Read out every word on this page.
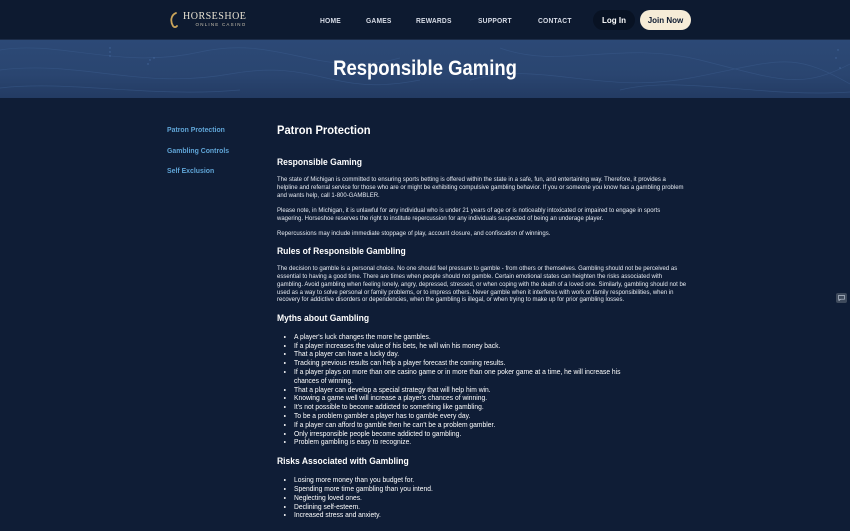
HORSESHOE
ONLINE CASINO
HOME	GAMES	REWARDS	SUPPORT	CONTACT	Log In	Join Now
Responsible Gaming
Patron Protection
Gambling Controls
Self Exclusion
Patron Protection
Responsible Gaming

The state of Michigan is committed to ensuring sports betting is offered within the state in a safe, fun, and entertaining way. Therefore, it provides a helpline and referral service for those who are or might be exhibiting compulsive gambling behavior. If you or someone you know has a gambling problem and wants help, call 1-800-GAMBLER.

Please note, in Michigan, it is unlawful for any individual who is under 21 years of age or is noticeably intoxicated or impaired to engage in sports wagering. Horseshoe reserves the right to institute repercussion for any individuals suspected of being an underage player.

Repercussions may include immediate stoppage of play, account closure, and confiscation of winnings.

Rules of Responsible Gambling

The decision to gamble is a personal choice. No one should feel pressure to gamble - from others or themselves. Gambling should not be perceived as essential to having a good time. There are times when people should not gamble. Certain emotional states can heighten the risks associated with gambling. Avoid gambling when feeling lonely, angry, depressed, stressed, or when coping with the death of a loved one. Similarly, gambling should not be used as a way to solve personal or family problems, or to impress others. Never gamble when it interferes with work or family responsibilities, when in recovery for addictive disorders or dependencies, when the gambling is illegal, or when trying to make up for prior gambling losses.

Myths about Gambling
• A player's luck changes the more he gambles.
• If a player increases the value of his bets, he will win his money back.
• That a player can have a lucky day.
• Tracking previous results can help a player forecast the coming results.
• If a player plays on more than one casino game or in more than one poker game at a time, he will increase his
chances of winning.
• That a player can develop a special strategy that will help him win.
• Knowing a game well will increase a player's chances of winning.
• It's not possible to become addicted to something like gambling.
• To be a problem gambler a player has to gamble every day.
• If a player can afford to gamble then he can't be a problem gambler.
• Only irresponsible people become addicted to gambling.
• Problem gambling is easy to recognize.
Risks Associated with Gambling
• Losing more money than you budget for.
• Spending more time gambling than you intend.
• Neglecting loved ones.
• Declining self-esteem.
• Increased stress and anxiety.
